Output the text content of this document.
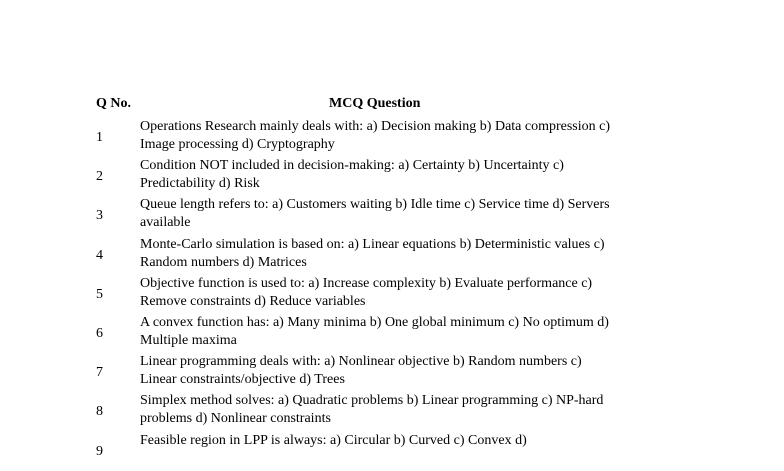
Q No.	MCQ Question
1
Operations Research mainly deals with: a) Decision making b) Data compression c) Image processing d) Cryptography
2
Condition NOT included in decision-making: a) Certainty b) Uncertainty c) Predictability d) Risk
3
Queue length refers to: a) Customers waiting b) Idle time c) Service time d) Servers available
4
Monte-Carlo simulation is based on: a) Linear equations b) Deterministic values c) Random numbers d) Matrices
5
Objective function is used to: a) Increase complexity b) Evaluate performance c) Remove constraints d) Reduce variables
6
A convex function has: a) Many minima b) One global minimum c) No optimum d) Multiple maxima
7
Linear programming deals with: a) Nonlinear objective b) Random numbers c) Linear constraints/objective d) Trees
8
Simplex method solves: a) Quadratic problems b) Linear programming c) NP-hard problems d) Nonlinear constraints
9
Feasible region in LPP is always: a) Circular b) Curved c) Convex d)
